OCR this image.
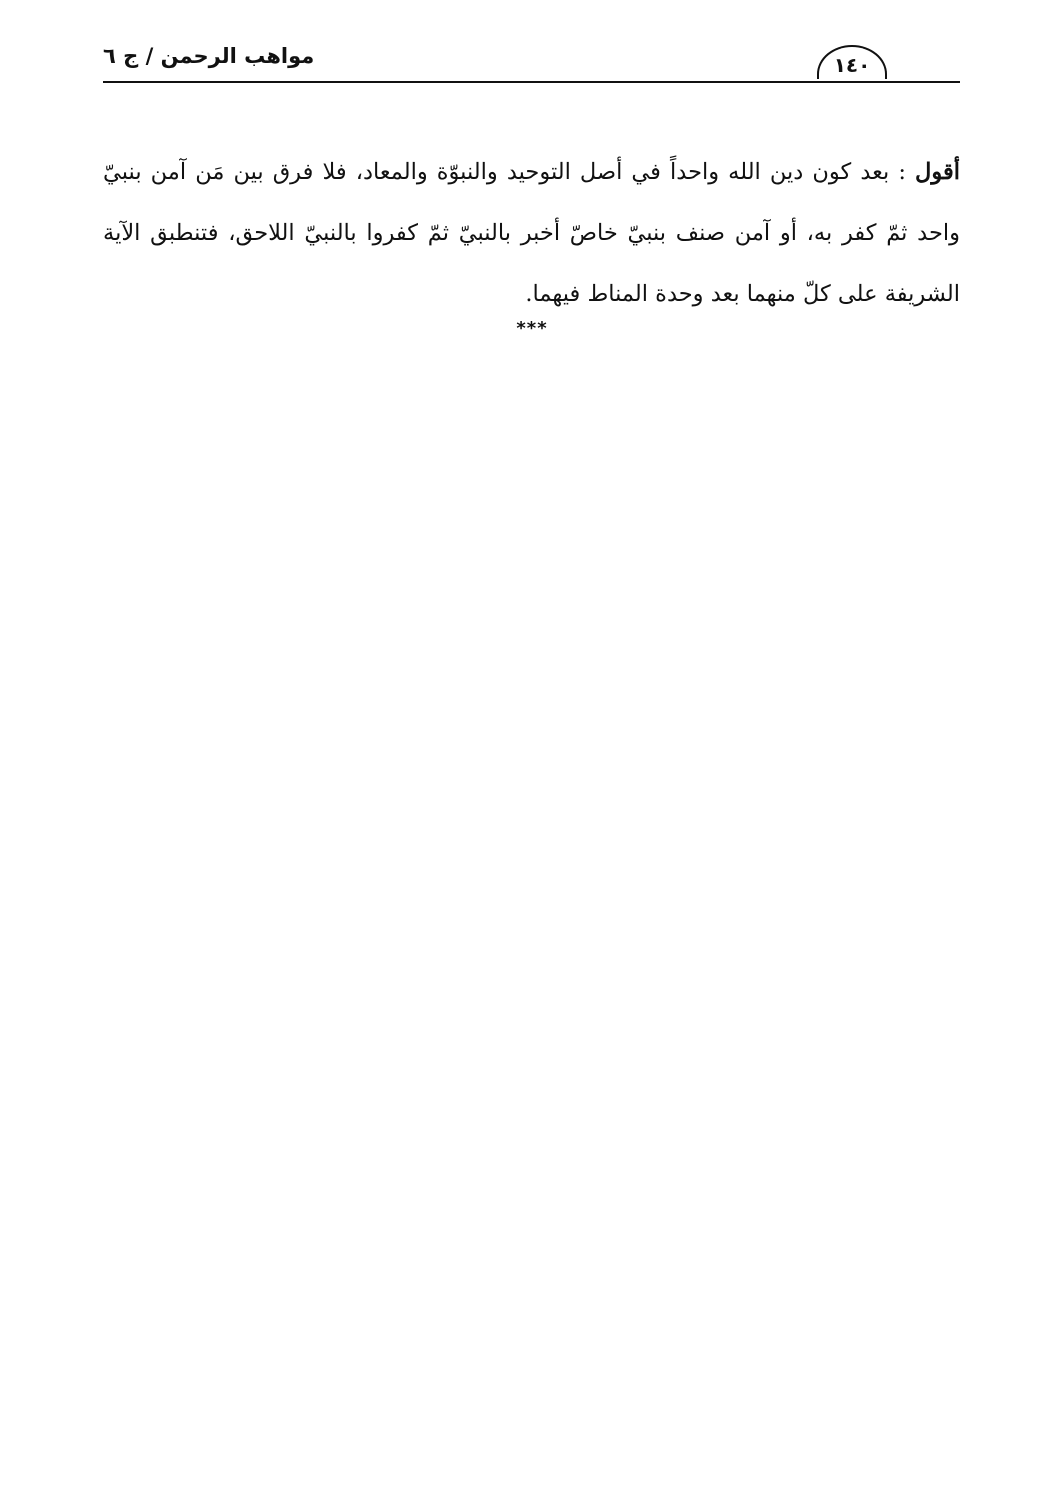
مواهب الرحمن / ج ٦	١٤٠
أقول : بعد كون دين الله واحداً في أصل التوحيد والنبوّة والمعاد، فلا فرق بين مَن آمن بنبيّ واحد ثمّ كفر به، أو آمن صنف بنبيّ خاصّ أخبر بالنبيّ ثمّ كفروا بالنبيّ اللاحق، فتنطبق الآية الشريفة على كلّ منهما بعد وحدة المناط فيهما.
***
